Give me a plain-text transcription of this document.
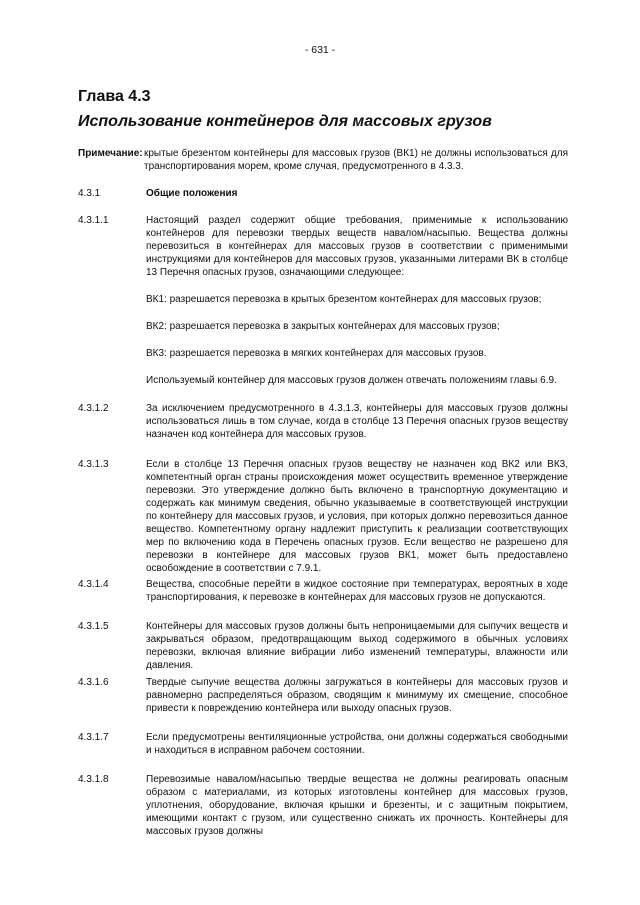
- 631 -
Глава 4.3
Использование контейнеров для массовых грузов
Примечание: крытые брезентом контейнеры для массовых грузов (ВК1) не должны использоваться для транспортирования морем, кроме случая, предусмотренного в 4.3.3.
4.3.1	Общие положения
4.3.1.1	Настоящий раздел содержит общие требования, применимые к использованию контейнеров для перевозки твердых веществ навалом/насыпью. Вещества должны перевозиться в контейнерах для массовых грузов в соответствии с применимыми инструкциями для контейнеров для массовых грузов, указанными литерами ВК в столбце 13 Перечня опасных грузов, означающими следующее:

ВК1: разрешается перевозка в крытых брезентом контейнерах для массовых грузов;

ВК2: разрешается перевозка в закрытых контейнерах для массовых грузов;

ВК3: разрешается перевозка в мягких контейнерах для массовых грузов.

Используемый контейнер для массовых грузов должен отвечать положениям главы 6.9.

4.3.1.2	За исключением предусмотренного в 4.3.1.3, контейнеры для массовых грузов должны использоваться лишь в том случае, когда в столбце 13 Перечня опасных грузов веществу назначен код контейнера для массовых грузов.

4.3.1.3	Если в столбце 13 Перечня опасных грузов веществу не назначен код ВК2 или ВК3, компетентный орган страны происхождения может осуществить временное утверждение перевозки. Это утверждение должно быть включено в транспортную документацию и содержать как минимум сведения, обычно указываемые в соответствующей инструкции по контейнеру для массовых грузов, и условия, при которых должно перевозиться данное вещество. Компетентному органу надлежит приступить к реализации соответствующих мер по включению кода в Перечень опасных грузов. Если вещество не разрешено для перевозки в контейнере для массовых грузов ВК1, может быть предоставлено освобождение в соответствии с 7.9.1.

4.3.1.4	Вещества, способные перейти в жидкое состояние при температурах, вероятных в ходе транспортирования, к перевозке в контейнерах для массовых грузов не допускаются.

4.3.1.5	Контейнеры для массовых грузов должны быть непроницаемыми для сыпучих веществ и закрываться образом, предотвращающим выход содержимого в обычных условиях перевозки, включая влияние вибрации либо изменений температуры, влажности или давления.

4.3.1.6	Твердые сыпучие вещества должны загружаться в контейнеры для массовых грузов и равномерно распределяться образом, сводящим к минимуму их смещение, способное привести к повреждению контейнера или выходу опасных грузов.

4.3.1.7	Если предусмотрены вентиляционные устройства, они должны содержаться свободными и находиться в исправном рабочем состоянии.

4.3.1.8	Перевозимые навалом/насыпью твердые вещества не должны реагировать опасным образом с материалами, из которых изготовлены контейнер для массовых грузов, уплотнения, оборудование, включая крышки и брезенты, и с защитным покрытием, имеющими контакт с грузом, или существенно снижать их прочность. Контейнеры для массовых грузов должны
